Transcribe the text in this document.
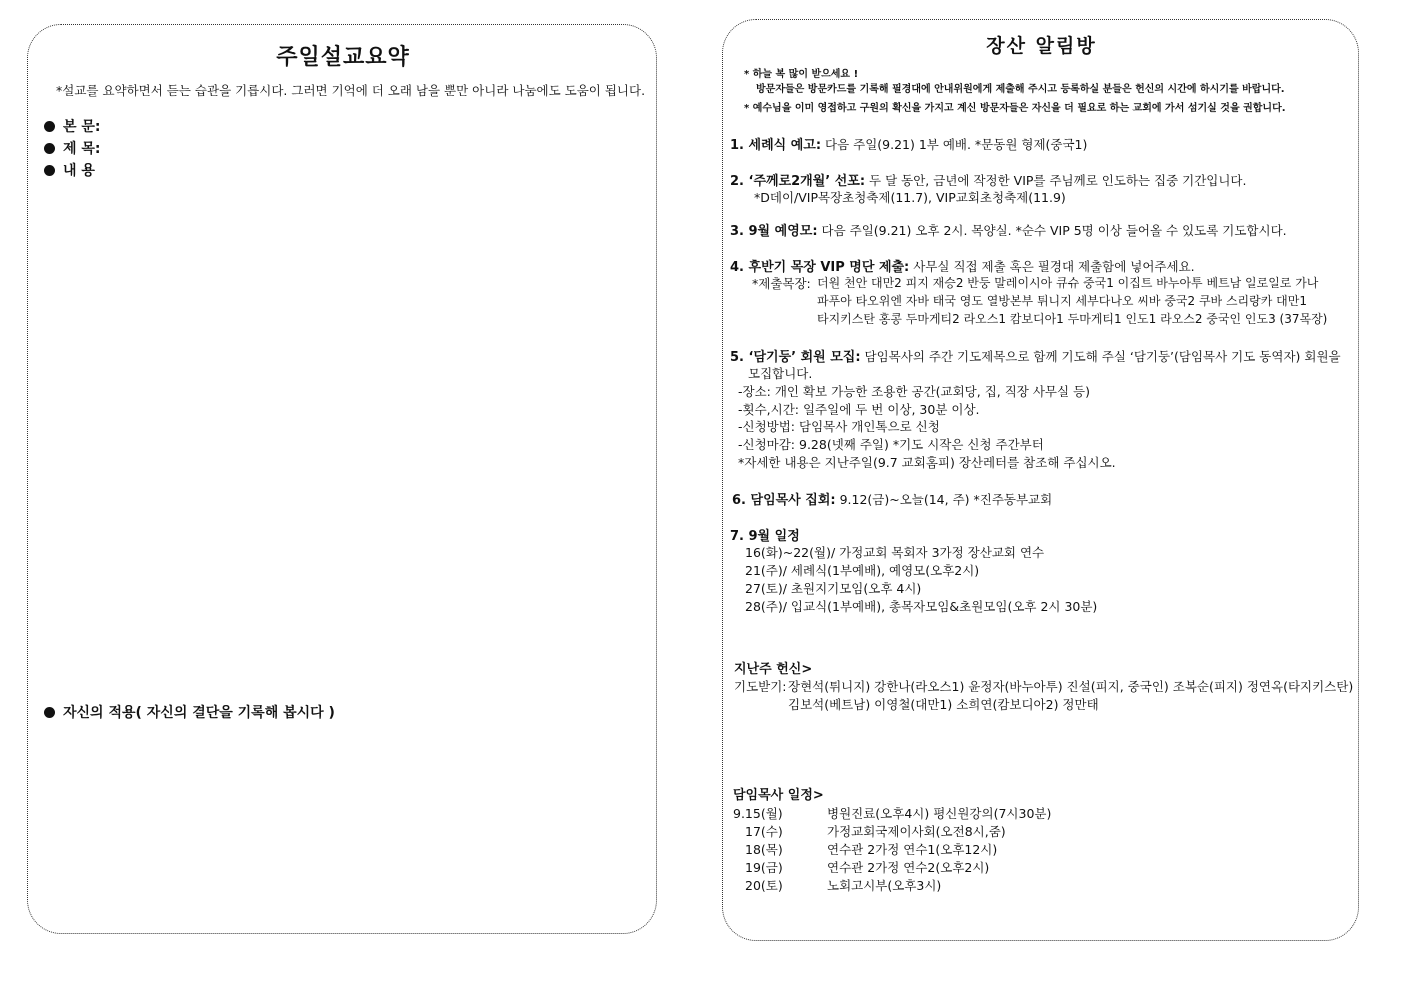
주일설교요약
*설교를 요약하면서 듣는 습관을 기릅시다. 그러면 기억에 더 오래 남을 뿐만 아니라 나눔에도 도움이 됩니다.
본 문:
제 목:
내 용
자신의 적용( 자신의 결단을 기록해 봅시다 )
장산 알림방
* 하늘 복 많이 받으세요 !
방문자들은 방문카드를 기록해 필경대에 안내위원에게 제출해 주시고 등록하실 분들은 헌신의 시간에 하시기를 바랍니다.
* 예수님을 이미 영접하고 구원의 확신을 가지고 계신 방문자들은 자신을 더 필요로 하는 교회에 가서 섬기실 것을 권합니다.
1. 세례식 예고: 다음 주일(9.21) 1부 예배. *문동원 형제(중국1)
2. ‘주께로2개월’ 선포: 두 달 동안, 금년에 작정한 VIP를 주님께로 인도하는 집중 기간입니다.
*D데이/VIP목장초청축제(11.7), VIP교회초청축제(11.9)
3. 9월 예영모: 다음 주일(9.21) 오후 2시. 목양실. *순수 VIP 5명 이상 들어올 수 있도록 기도합시다.
4. 후반기 목장 VIP 명단 제출: 사무실 직접 제출 혹은 필경대 제출함에 넣어주세요.
*제출목장: 더원 천안 대만2 피지 재승2 반둥 말레이시아 큐슈 중국1 이집트 바누아투 베트남 일로일로 가나
파푸아 타오위엔 자바 태국 영도 열방본부 튀니지 세부다나오 씨바 중국2 쿠바 스리랑카 대만1
타지키스탄 홍콩 두마게티2 라오스1 캄보디아1 두마게티1 인도1 라오스2 중국인 인도3 (37목장)
5. ‘담기둥’ 회원 모집: 담임목사의 주간 기도제목으로 함께 기도해 주실 ‘담기둥’(담임목사 기도 동역자) 회원을
모집합니다.
-장소: 개인 확보 가능한 조용한 공간(교회당, 집, 직장 사무실 등)
-횟수,시간: 일주일에 두 번 이상, 30분 이상.
-신청방법: 담임목사 개인톡으로 신청
-신청마감: 9.28(넷째 주일) *기도 시작은 신청 주간부터
*자세한 내용은 지난주일(9.7 교회홈피) 장산레터를 참조해 주십시오.
6. 담임목사 집회: 9.12(금)~오늘(14, 주) *진주동부교회
7. 9월 일정
16(화)~22(월)/ 가정교회 목회자 3가정 장산교회 연수
21(주)/ 세례식(1부예배), 예영모(오후2시)
27(토)/ 초원지기모임(오후 4시)
28(주)/ 입교식(1부예배), 총목자모임&초원모임(오후 2시 30분)
지난주 헌신>
기도받기: 장현석(튀니지) 강한나(라오스1) 윤정자(바누아투) 진설(피지, 중국인) 조복순(피지) 정연옥(타지키스탄)
김보석(베트남) 이영철(대만1) 소희연(캄보디아2) 정만태
담임목사 일정>
9.15(월)	병원진료(오후4시) 평신원강의(7시30분)
17(수)	가정교회국제이사회(오전8시,줌)
18(목)	연수관 2가정 연수1(오후12시)
19(금)	연수관 2가정 연수2(오후2시)
20(토)	노회고시부(오후3시)
